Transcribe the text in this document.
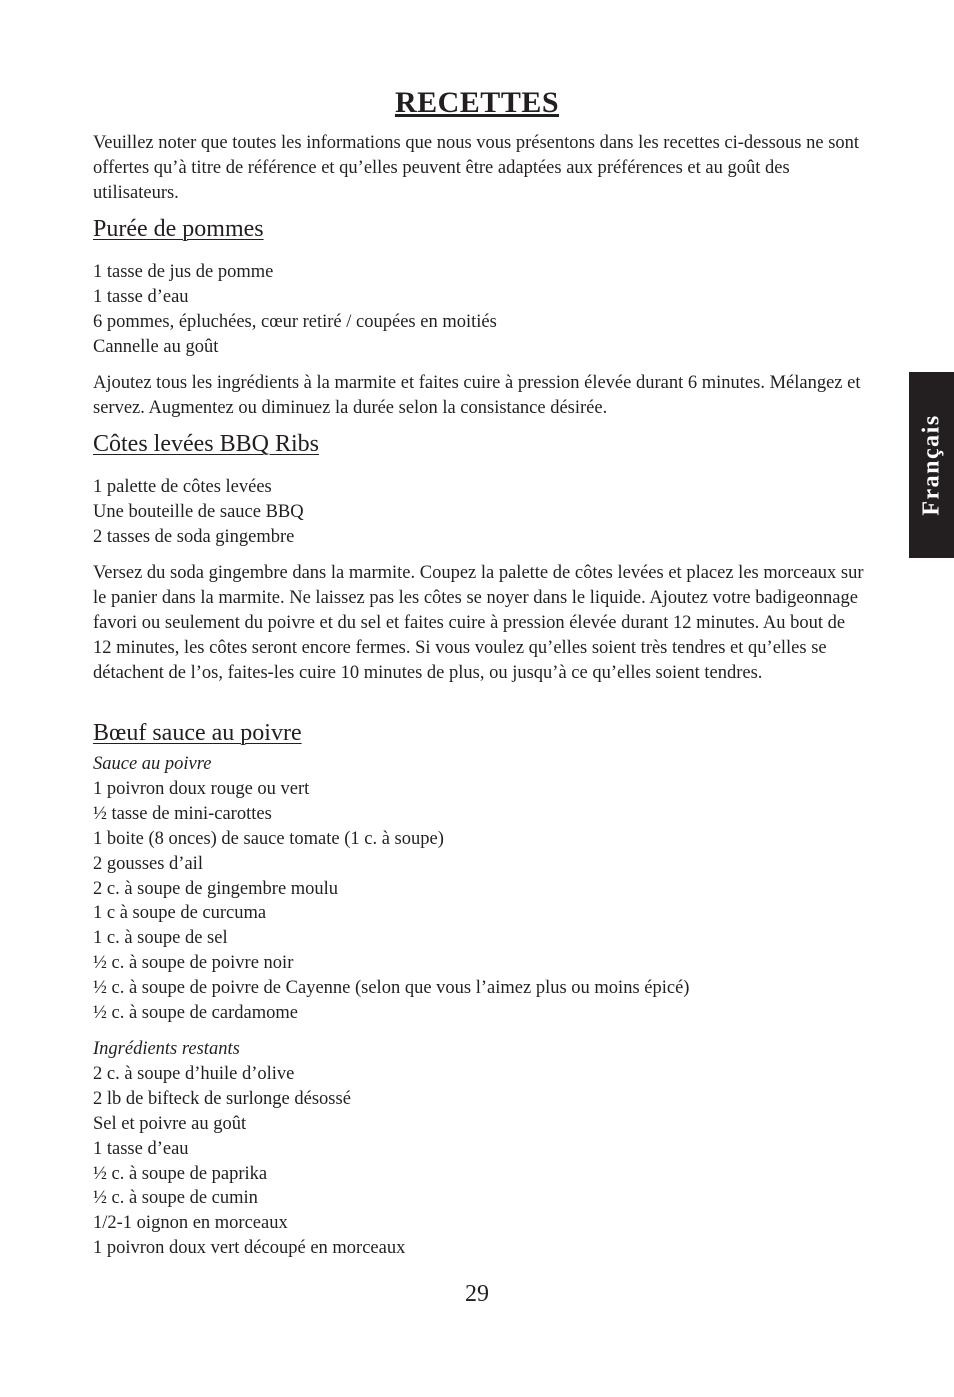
RECETTES

Veuillez noter que toutes les informations que nous vous présentons dans les recettes ci-dessous ne sont offertes qu’à titre de référence et qu’elles peuvent être adaptées aux préférences et au goût des utilisateurs.

Purée de pommes
1 tasse de jus de pomme
1 tasse d’eau
6 pommes, épluchées, cœur retiré / coupées en moitiés
Cannelle au goût

Ajoutez tous les ingrédients à la marmite et faites cuire à pression élevée durant 6 minutes. Mélangez et servez. Augmentez ou diminuez la durée selon la consistance désirée.

Côtes levées BBQ Ribs
1 palette de côtes levées
Une bouteille de sauce BBQ
2 tasses de soda gingembre

Versez du soda gingembre dans la marmite. Coupez la palette de côtes levées et placez les morceaux sur le panier dans la marmite. Ne laissez pas les côtes se noyer dans le liquide. Ajoutez votre badigeonnage favori ou seulement du poivre et du sel et faites cuire à pression élevée durant 12 minutes. Au bout de 12 minutes, les côtes seront encore fermes. Si vous voulez qu’elles soient très tendres et qu’elles se détachent de l’os, faites-les cuire 10 minutes de plus, ou jusqu’à ce qu’elles soient tendres.

Bœuf sauce au poivre
Sauce au poivre
1 poivron doux rouge ou vert
½ tasse de mini-carottes
1 boite (8 onces) de sauce tomate (1 c. à soupe)
2 gousses d’ail
2 c. à soupe de gingembre moulu
1 c à soupe de curcuma
1 c. à soupe de sel
½ c. à soupe de poivre noir
½ c. à soupe de poivre de Cayenne (selon que vous l’aimez plus ou moins épicé)
½ c. à soupe de cardamome
Ingrédients restants
2 c. à soupe d’huile d’olive
2 lb de bifteck de surlonge désossé
Sel et poivre au goût
1 tasse d’eau
½ c. à soupe de paprika
½ c. à soupe de cumin
1/2-1 oignon en morceaux
1 poivron doux vert découpé en morceaux
Français

29
